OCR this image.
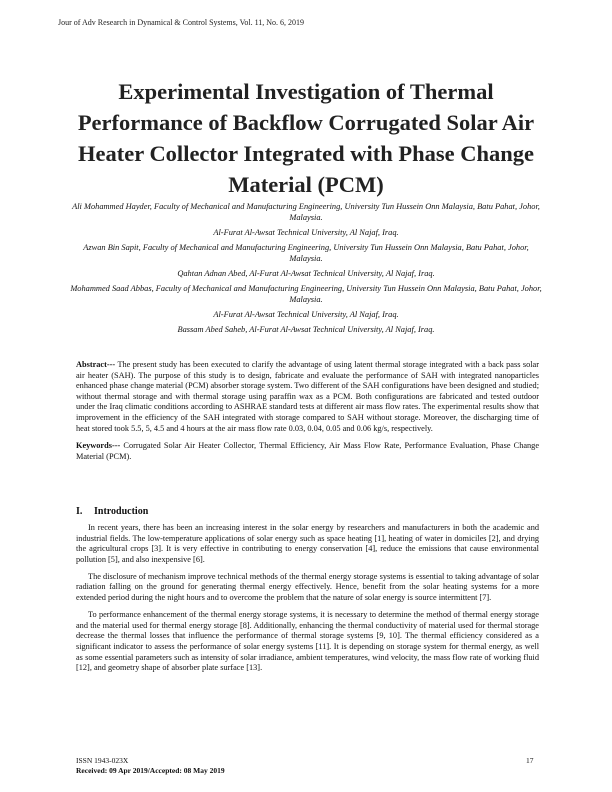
Jour of Adv Research in Dynamical & Control Systems, Vol. 11, No. 6, 2019
Experimental Investigation of Thermal Performance of Backflow Corrugated Solar Air Heater Collector Integrated with Phase Change Material (PCM)

Ali Mohammed Hayder, Faculty of Mechanical and Manufacturing Engineering, University Tun Hussein Onn Malaysia, Batu Pahat, Johor, Malaysia.

Al-Furat Al-Awsat Technical University, Al Najaf, Iraq.

Azwan Bin Sapit, Faculty of Mechanical and Manufacturing Engineering, University Tun Hussein Onn Malaysia, Batu Pahat, Johor, Malaysia.

Qahtan Adnan Abed, Al-Furat Al-Awsat Technical University, Al Najaf, Iraq.

Mohammed Saad Abbas, Faculty of Mechanical and Manufacturing Engineering, University Tun Hussein Onn Malaysia, Batu Pahat, Johor, Malaysia.

Al-Furat Al-Awsat Technical University, Al Najaf, Iraq.

Bassam Abed Saheb, Al-Furat Al-Awsat Technical University, Al Najaf, Iraq.

Abstract--- The present study has been executed to clarify the advantage of using latent thermal storage integrated with a back pass solar air heater (SAH). The purpose of this study is to design, fabricate and evaluate the performance of SAH with integrated nanoparticles enhanced phase change material (PCM) absorber storage system. Two different of the SAH configurations have been designed and studied; without thermal storage and with thermal storage using paraffin wax as a PCM. Both configurations are fabricated and tested outdoor under the Iraq climatic conditions according to ASHRAE standard tests at different air mass flow rates. The experimental results show that improvement in the efficiency of the SAH integrated with storage compared to SAH without storage. Moreover, the discharging time of heat stored took 5.5, 5, 4.5 and 4 hours at the air mass flow rate 0.03, 0.04, 0.05 and 0.06 kg/s, respectively.

Keywords--- Corrugated Solar Air Heater Collector, Thermal Efficiency, Air Mass Flow Rate, Performance Evaluation, Phase Change Material (PCM).

I. Introduction

In recent years, there has been an increasing interest in the solar energy by researchers and manufacturers in both the academic and industrial fields. The low-temperature applications of solar energy such as space heating [1], heating of water in domiciles [2], and drying the agricultural crops [3]. It is very effective in contributing to energy conservation [4], reduce the emissions that cause environmental pollution [5], and also inexpensive [6].

The disclosure of mechanism improve technical methods of the thermal energy storage systems is essential to taking advantage of solar radiation falling on the ground for generating thermal energy effectively. Hence, benefit from the solar heating systems for a more extended period during the night hours and to overcome the problem that the nature of solar energy is source intermittent [7].

To performance enhancement of the thermal energy storage systems, it is necessary to determine the method of thermal energy storage and the material used for thermal energy storage [8]. Additionally, enhancing the thermal conductivity of material used for thermal storage decrease the thermal losses that influence the performance of thermal storage systems [9, 10]. The thermal efficiency considered as a significant indicator to assess the performance of solar energy systems [11]. It is depending on storage system for thermal energy, as well as some essential parameters such as intensity of solar irradiance, ambient temperatures, wind velocity, the mass flow rate of working fluid [12], and geometry shape of absorber plate surface [13].

ISSN 1943-023X
Received: 09 Apr 2019/Accepted: 08 May 2019
17
